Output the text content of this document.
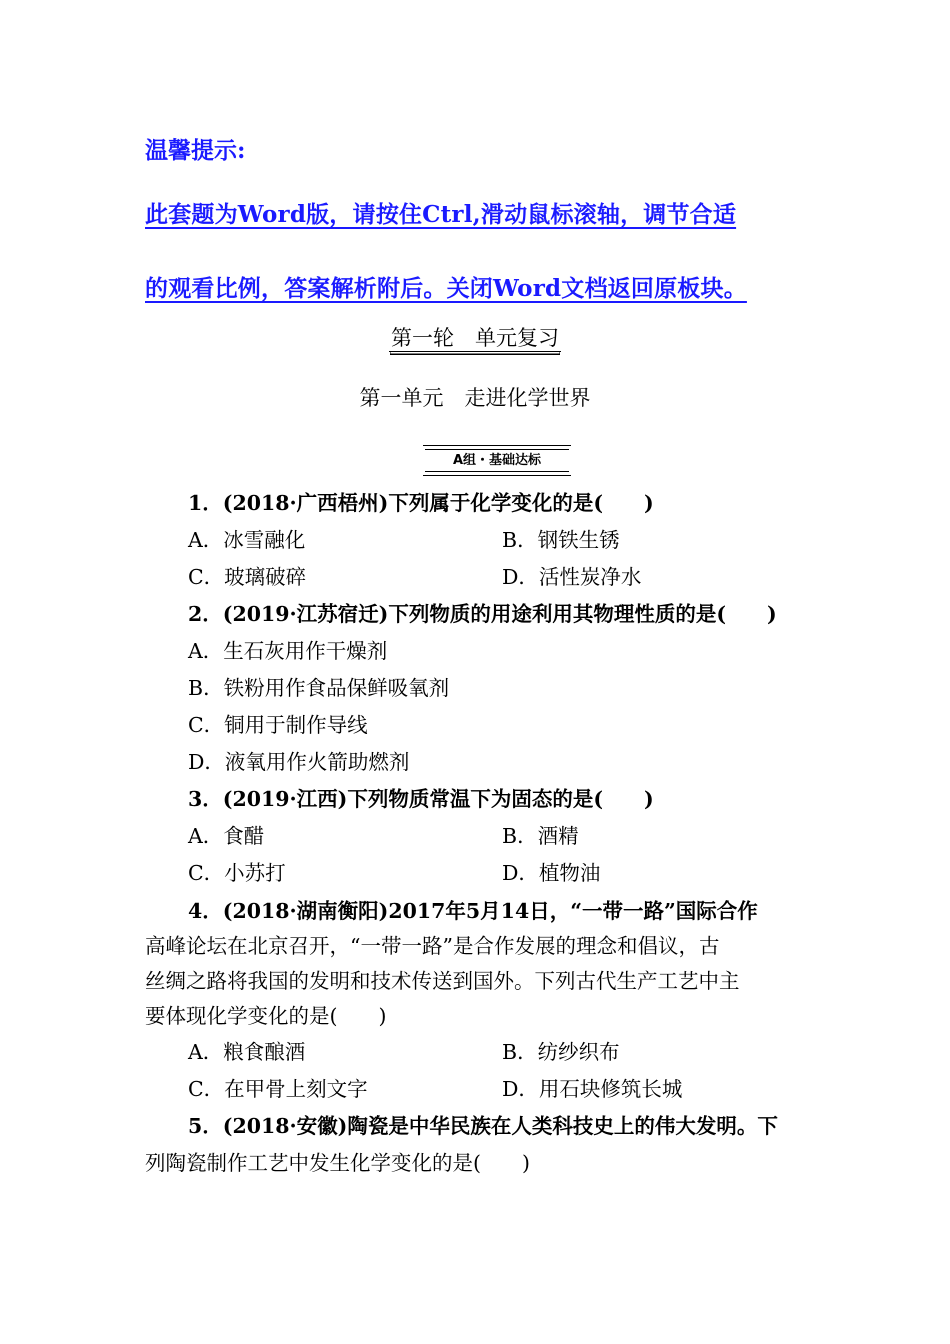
温馨提示:
此套题为Word版，请按住Ctrl,滑动鼠标滚轴，调节合适
的观看比例，答案解析附后。关闭Word文档返回原板块。
第一轮　单元复习
第一单元　走进化学世界
A组・基础达标
1．(2018·广西梧州)下列属于化学变化的是(　　)
A．冰雪融化	B．钢铁生锈
C．玻璃破碎	D．活性炭净水
2．(2019·江苏宿迁)下列物质的用途利用其物理性质的是(　　)
A．生石灰用作干燥剂
B．铁粉用作食品保鲜吸氧剂
C．铜用于制作导线
D．液氧用作火箭助燃剂
3．(2019·江西)下列物质常温下为固态的是(　　)
A．食醋	B．酒精
C．小苏打	D．植物油
4．(2018·湖南衡阳)2017年5月14日，“一带一路”国际合作
高峰论坛在北京召开，“一带一路”是合作发展的理念和倡议，古
丝绸之路将我国的发明和技术传送到国外。下列古代生产工艺中主
要体现化学变化的是(　　)
A．粮食酿酒	B．纺纱织布
C．在甲骨上刻文字	D．用石块修筑长城
5．(2018·安徽)陶瓷是中华民族在人类科技史上的伟大发明。下
列陶瓷制作工艺中发生化学变化的是(　　)
